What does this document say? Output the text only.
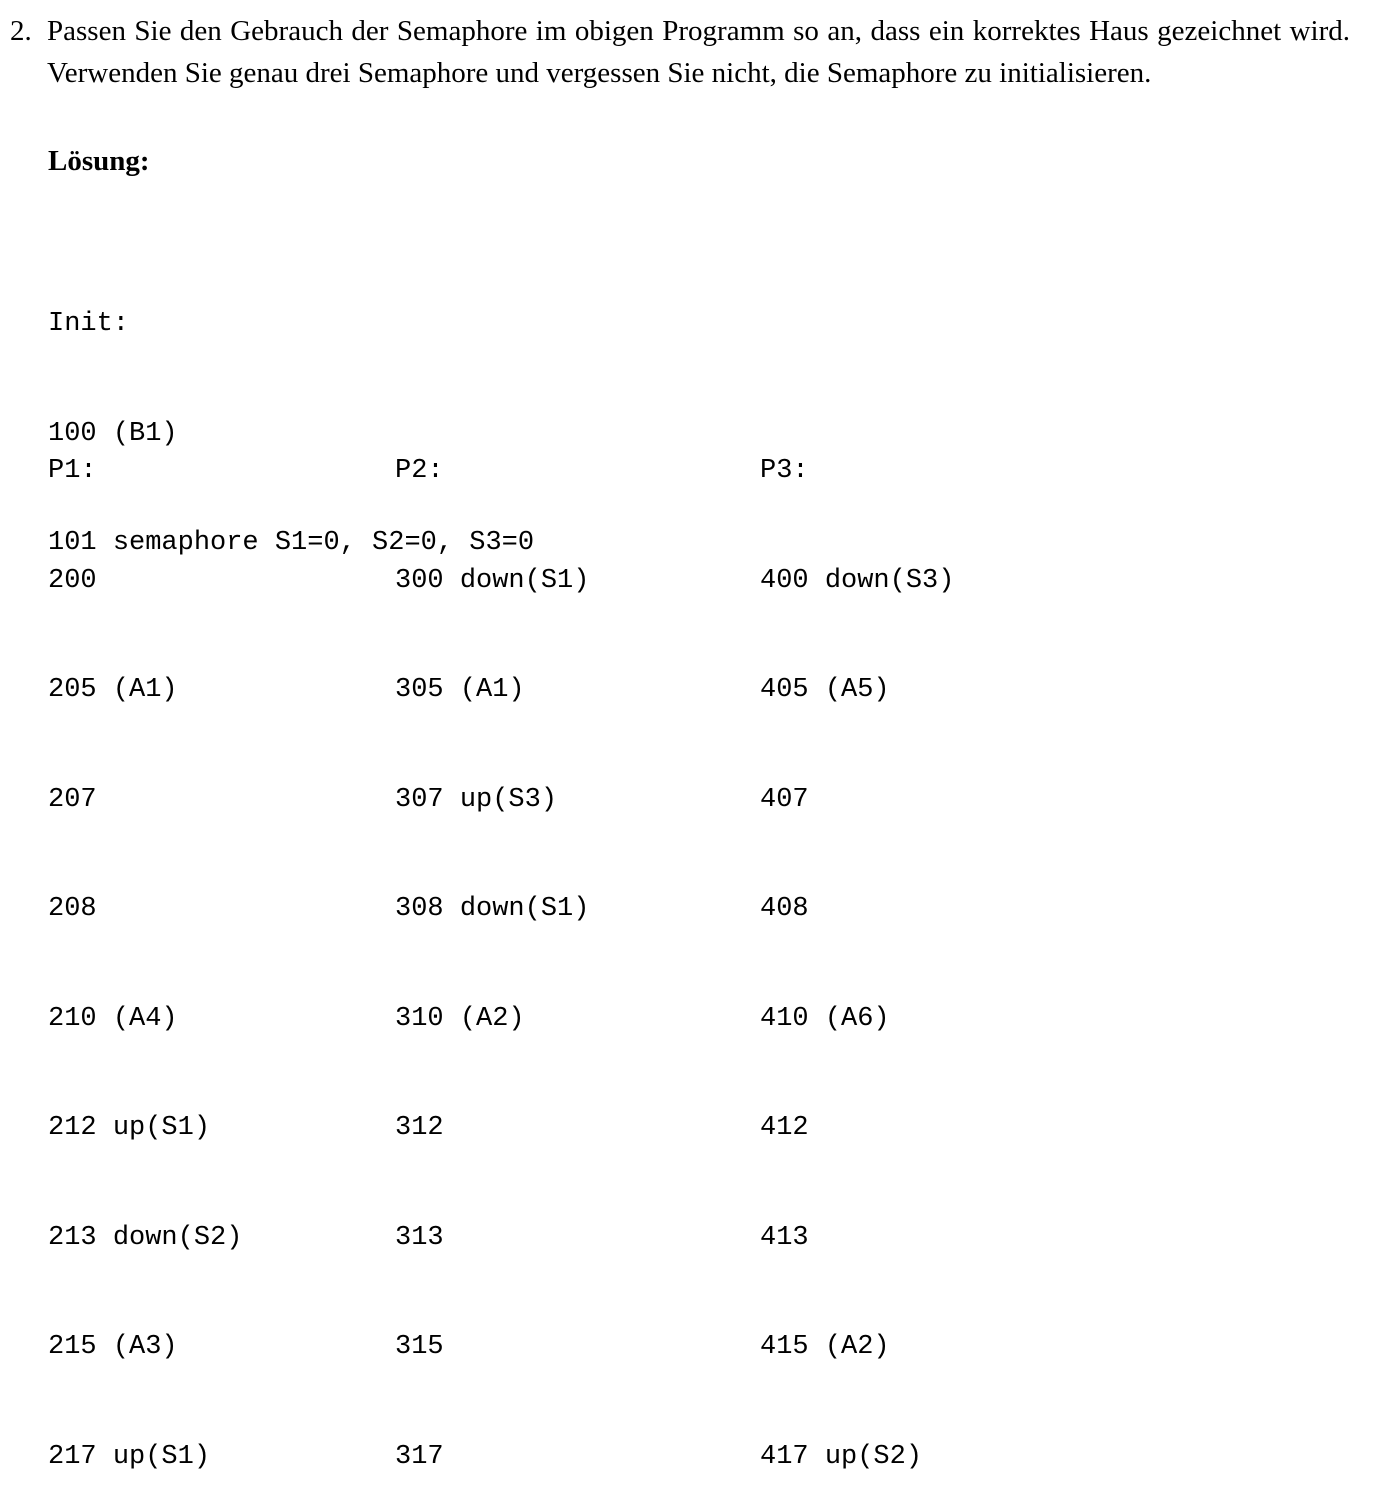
2. Passen Sie den Gebrauch der Semaphore im obigen Programm so an, dass ein korrektes Haus gezeichnet wird. Verwenden Sie genau drei Semaphore und vergessen Sie nicht, die Semaphore zu initialisieren.
Lösung:

Init:

100 (B1)

101 semaphore S1=0, S2=0, S3=0

P1:

200

205 (A1)

207

208

210 (A4)

212 up(S1)

213 down(S2)

215 (A3)

217 up(S1)

P2:

300 down(S1)

305 (A1)

307 up(S3)

308 down(S1)

310 (A2)

312

313

315

317

P3:

400 down(S3)

405 (A5)

407

408

410 (A6)

412

413

415 (A2)

417 up(S2)
